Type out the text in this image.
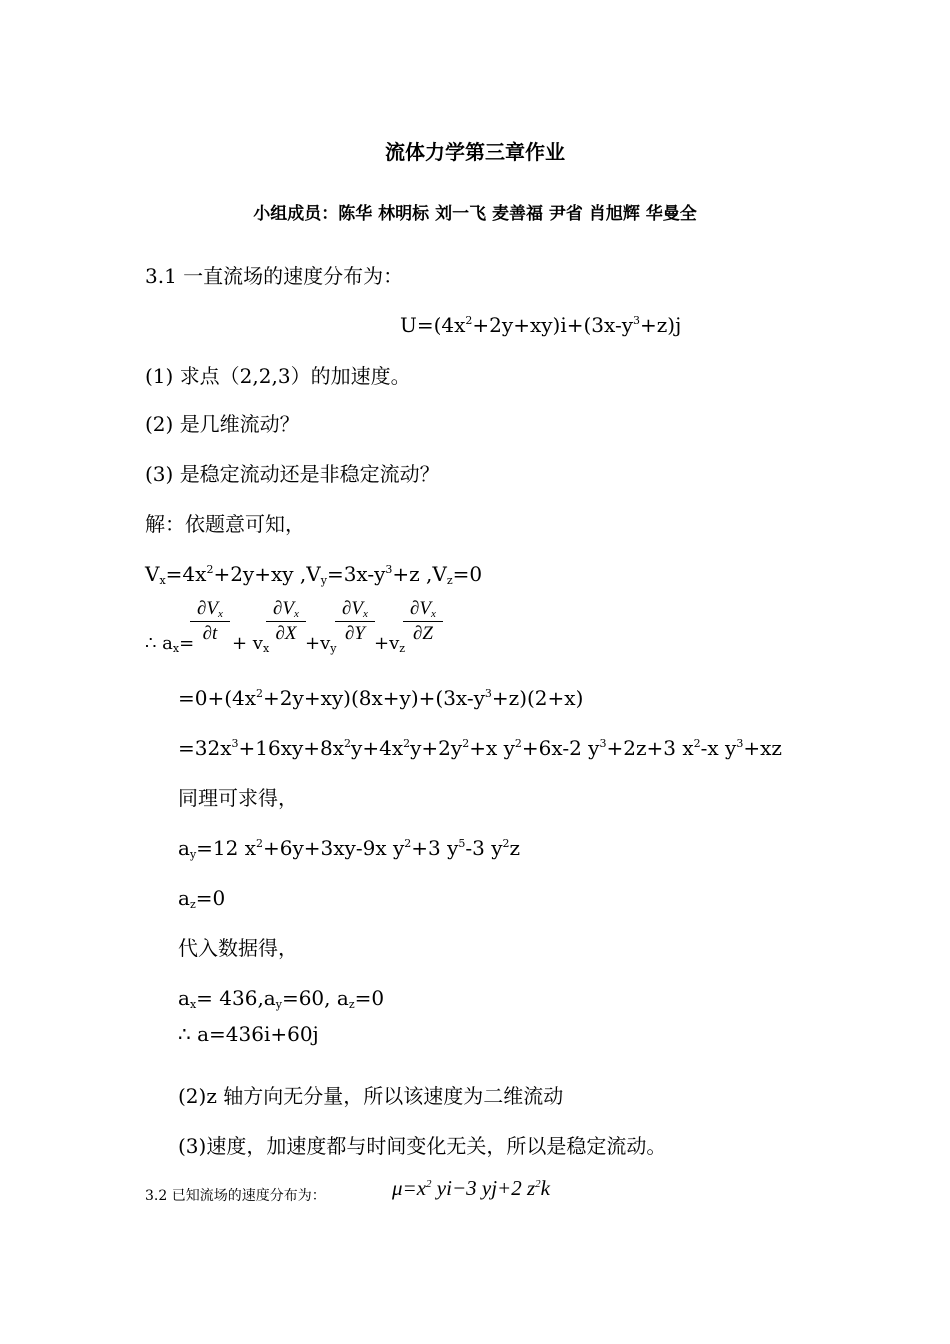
流体力学第三章作业
小组成员：陈华 林明标 刘一飞 麦善福 尹省 肖旭辉 华曼全
3.1 一直流场的速度分布为：
$U=(4x^2+2y+xy)i+(3x-y^3+z)j$
(1) 求点（2,2,3）的加速度。
(2) 是几维流动？
(3) 是稳定流动还是非稳定流动？
解：依题意可知，
$V_x=4x^2+2y+xy$ $,V_y=3x-y^3+z$ $,V_z=0$
∴ $a_x=$
$\partial V_x$
$\partial t + v_x$
$\partial V_x$
$\partial X +v_y$
$\partial V_x$
$\partial Y +v_z$
$\partial V_x$
∂Z
$=0+(4x^2+2y+xy)(8x+y)+(3x-y^3+z)(2+x)$
$=32x^3+16xy+8x^2y+4x^2y+2y^2+x$ $y^2+6x-2$ $y^3+2z+3$ $x^2-x$ $y^3+xz$
同理可求得，
$a_y=12$ $x^2+6y+3xy-9x$ $y^2+3$ $y^5-3$ $y^2z$
$a_z=0$
代入数据得，
$a_x= 436,a_y=60$, $a_z=0$
∴ a=436i+60j
(2)z 轴方向无分量，所以该速度为二维流动
(3)速度，加速度都与时间变化无关，所以是稳定流动。
3.2 已知流场的速度分布为：	$\mu=x^2$ yi−3 yj+2 $z^2k$
